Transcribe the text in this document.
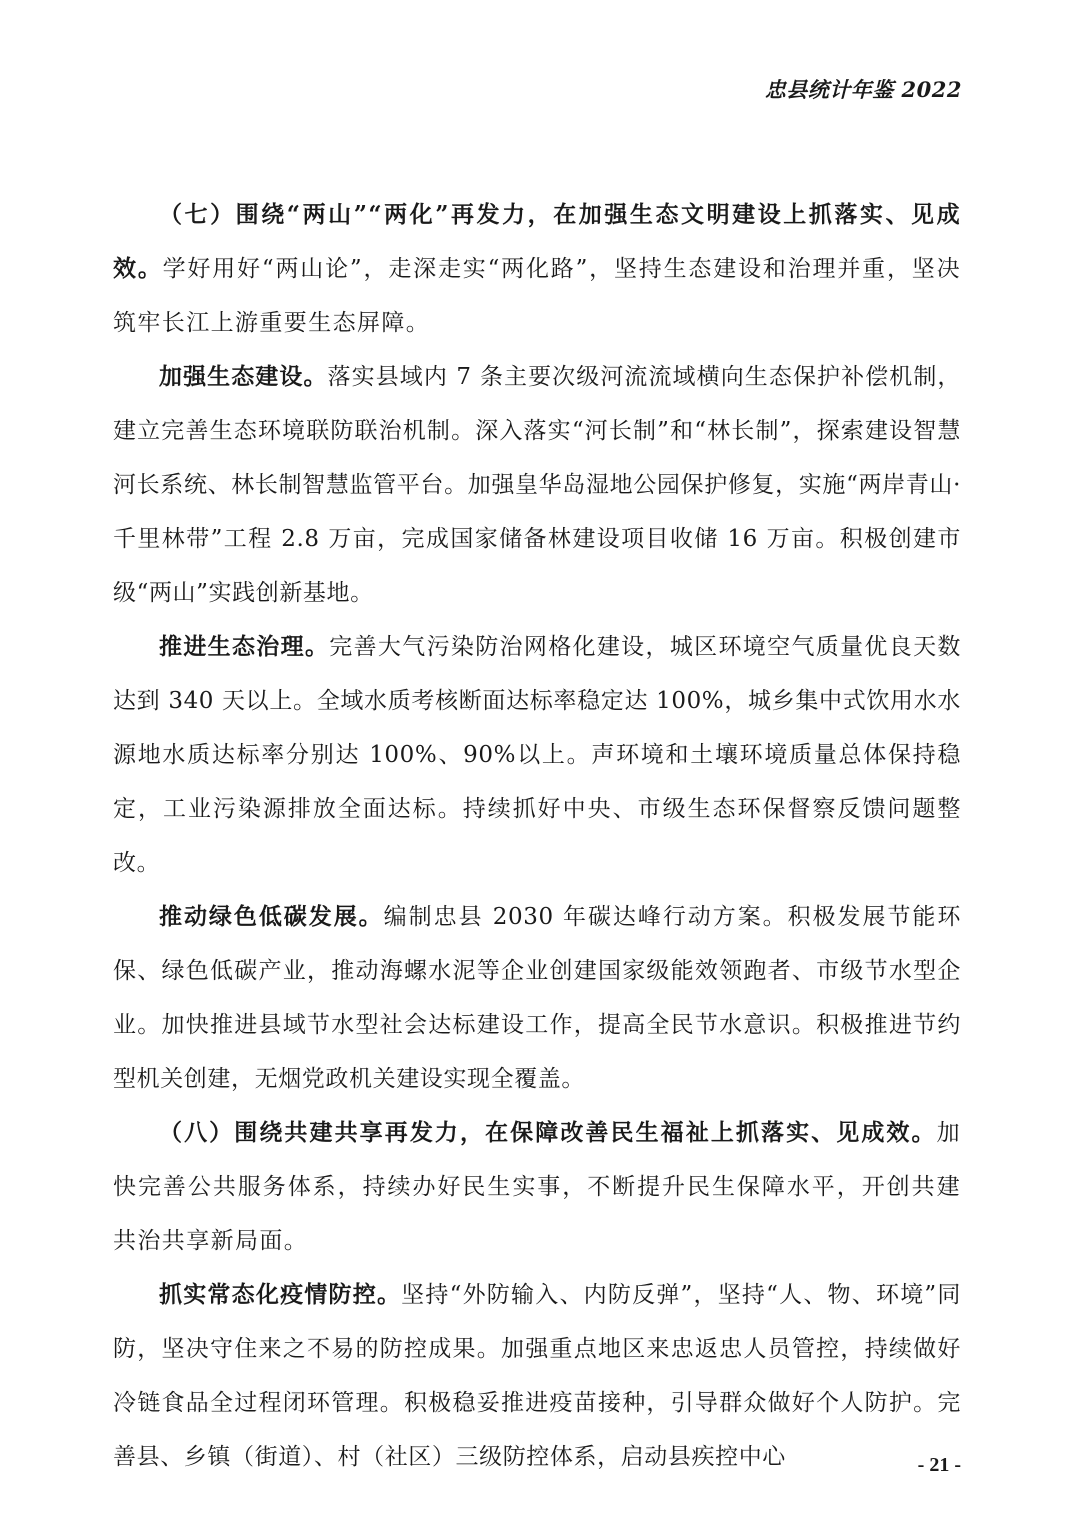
忠县统计年鉴 2022

（七）围绕“两山”“两化”再发力，在加强生态文明建设上抓落实、见成效。学好用好“两山论”，走深走实“两化路”，坚持生态建设和治理并重，坚决筑牢长江上游重要生态屏障。

加强生态建设。落实县域内 7 条主要次级河流流域横向生态保护补偿机制，建立完善生态环境联防联治机制。深入落实“河长制”和“林长制”，探索建设智慧河长系统、林长制智慧监管平台。加强皇华岛湿地公园保护修复，实施“两岸青山·千里林带”工程 2.8 万亩，完成国家储备林建设项目收储 16 万亩。积极创建市级“两山”实践创新基地。

推进生态治理。完善大气污染防治网格化建设，城区环境空气质量优良天数达到 340 天以上。全域水质考核断面达标率稳定达 100%，城乡集中式饮用水水源地水质达标率分别达 100%、90%以上。声环境和土壤环境质量总体保持稳定，工业污染源排放全面达标。持续抓好中央、市级生态环保督察反馈问题整改。

推动绿色低碳发展。编制忠县 2030 年碳达峰行动方案。积极发展节能环保、绿色低碳产业，推动海螺水泥等企业创建国家级能效领跑者、市级节水型企业。加快推进县域节水型社会达标建设工作，提高全民节水意识。积极推进节约型机关创建，无烟党政机关建设实现全覆盖。

（八）围绕共建共享再发力，在保障改善民生福祉上抓落实、见成效。加快完善公共服务体系，持续办好民生实事，不断提升民生保障水平，开创共建共治共享新局面。

抓实常态化疫情防控。坚持“外防输入、内防反弹”，坚持“人、物、环境”同防，坚决守住来之不易的防控成果。加强重点地区来忠返忠人员管控，持续做好冷链食品全过程闭环管理。积极稳妥推进疫苗接种，引导群众做好个人防护。完善县、乡镇（街道）、村（社区）三级防控体系，启动县疾控中心	- 21 -
